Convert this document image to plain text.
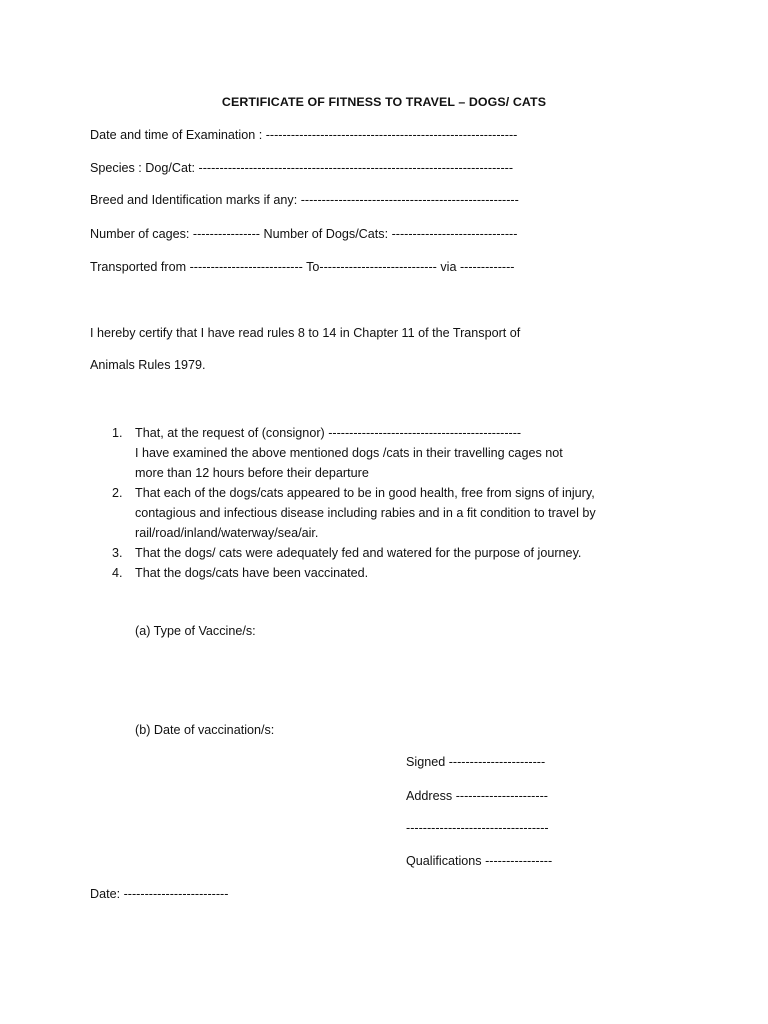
CERTIFICATE OF FITNESS TO TRAVEL – DOGS/ CATS
Date and time of Examination : ------------------------------------------------------------
Species : Dog/Cat: ---------------------------------------------------------------------------
Breed and Identification marks if any: ----------------------------------------------------
Number of cages: ---------------- Number of Dogs/Cats: ------------------------------
Transported from --------------------------- To---------------------------- via -------------
I hereby certify that I have read rules 8 to 14 in Chapter 11 of the Transport of
Animals Rules 1979.
1. That, at the request of (consignor) ----------------------------------------------
I have examined the above mentioned dogs /cats in their travelling cages not
more than 12 hours before their departure
2. That each of the dogs/cats appeared to be in good health, free from signs of injury,
contagious and infectious disease including rabies and in a fit condition to travel by
rail/road/inland/waterway/sea/air.
3. That the dogs/ cats were adequately fed and watered for the purpose of journey.
4. That the dogs/cats have been vaccinated.
(a) Type of Vaccine/s:
(b) Date of vaccination/s:
Signed -----------------------
Address ----------------------
----------------------------------
Qualifications ----------------
Date: -------------------------
